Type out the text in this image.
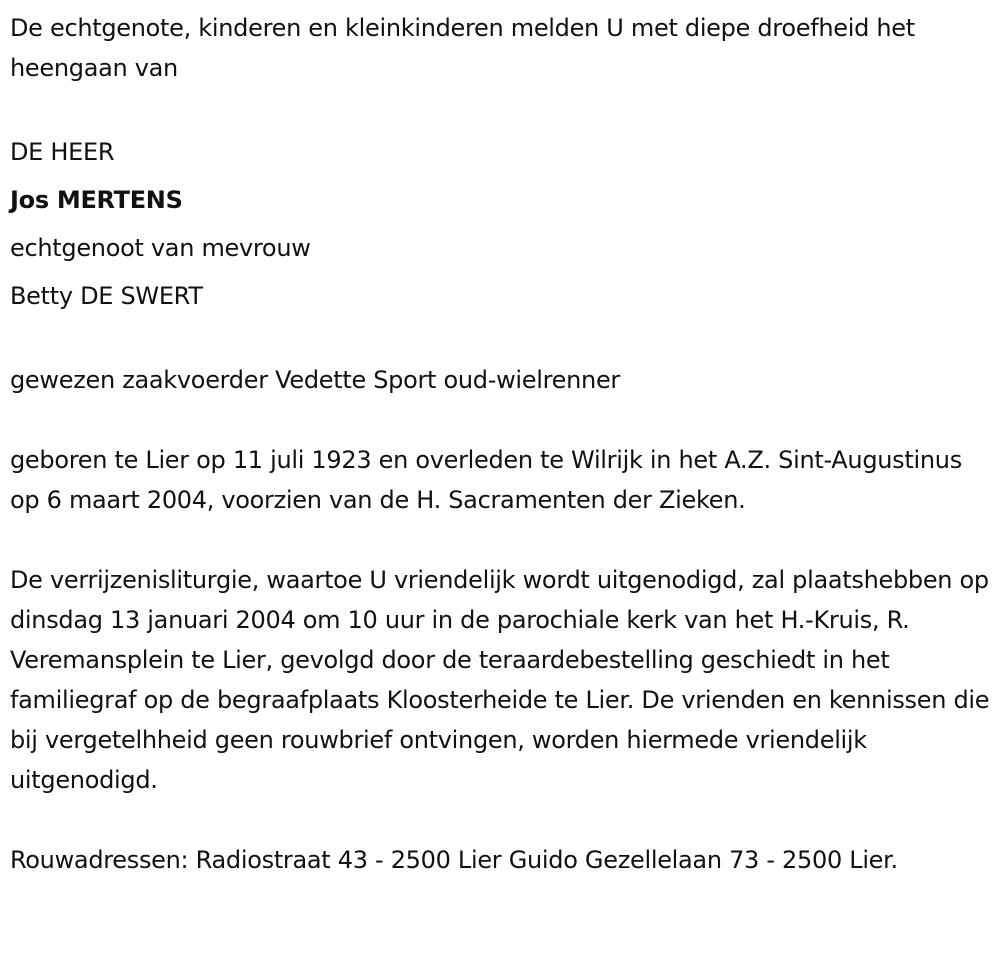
De echtgenote, kinderen en kleinkinderen melden U met diepe droefheid het heengaan van

DE HEER

Jos MERTENS

echtgenoot van mevrouw

Betty DE SWERT

gewezen zaakvoerder Vedette Sport oud-wielrenner

geboren te Lier op 11 juli 1923 en overleden te Wilrijk in het A.Z. Sint-Augustinus op 6 maart 2004, voorzien van de H. Sacramenten der Zieken.

De verrijzenisliturgie, waartoe U vriendelijk wordt uitgenodigd, zal plaatshebben op dinsdag 13 januari 2004 om 10 uur in de parochiale kerk van het H.-Kruis, R. Veremansplein te Lier, gevolgd door de teraardebestelling geschiedt in het familiegraf op de begraafplaats Kloosterheide te Lier. De vrienden en kennissen die bij vergetelhheid geen rouwbrief ontvingen, worden hiermede vriendelijk uitgenodigd.

Rouwadressen: Radiostraat 43 - 2500 Lier Guido Gezellelaan 73 - 2500 Lier.
